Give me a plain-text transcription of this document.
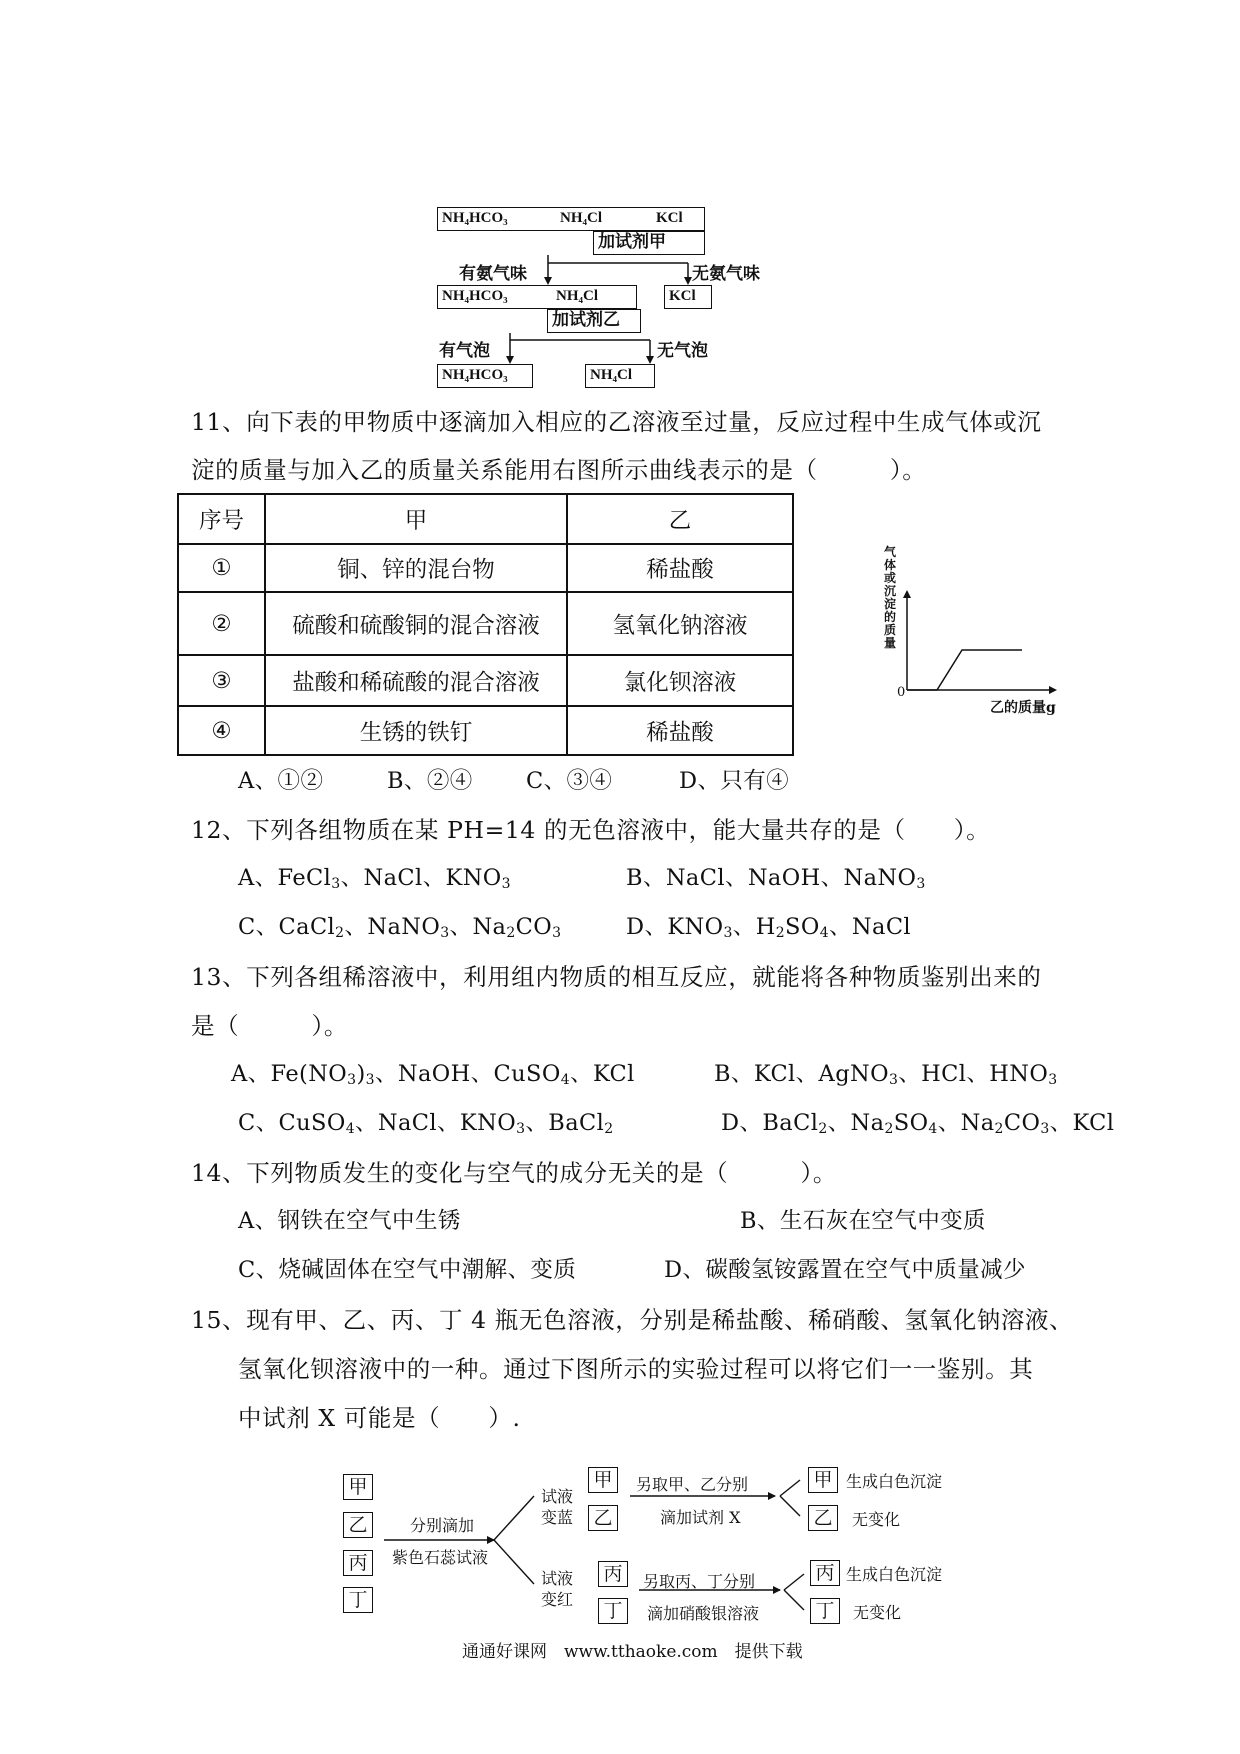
NH₄HCO₃	NH₄Cl	KCl
加试剂甲
有氨气味	无氨气味
NH₄HCO₃	NH₄Cl	KCl
加试剂乙
有气泡	无气泡
NH₄HCO₃	NH₄Cl
11、向下表的甲物质中逐滴加入相应的乙溶液至过量，反应过程中生成气体或沉
淀的质量与加入乙的质量关系能用右图所示曲线表示的是（　　　）。
序号	甲	乙
①	铜、锌的混台物	稀盐酸
②	硫酸和硫酸铜的混合溶液	氢氧化钠溶液
③	盐酸和稀硫酸的混合溶液	氯化钡溶液
④	生锈的铁钉	稀盐酸
气体或沉淀的质量
0
乙的质量g
A、①②	B、②④ C、③④	D、只有④
12、下列各组物质在某 PH=14 的无色溶液中，能大量共存的是（　　）。
A、FeCl$_3$、NaCl、$KNO_3$	B、NaCl、NaOH、NaNO$_3$
C、CaCl$_2$、NaNO$_3$、$Na_2CO_3$	D、$KNO_3$、$H_2SO_4$、NaCl
13、下列各组稀溶液中，利用组内物质的相互反应，就能将各种物质鉴别出来的
是（　　　）。
A、$Fe(NO_3)_3$、NaOH、CuSO$_4$、KCl	B、KCl、AgNO$_3$、HCl、$HNO_3$
C、CuSO$_4$、NaCl、$KNO_3$、BaCl$_2$	D、BaCl$_2$、$Na_2SO_4$、$Na_2CO_3$、KCl
14、下列物质发生的变化与空气的成分无关的是（　　　）。
A、钢铁在空气中生锈	B、生石灰在空气中变质
C、烧碱固体在空气中潮解、变质	D、碳酸氢铵露置在空气中质量减少
15、现有甲、乙、丙、丁 4 瓶无色溶液，分别是稀盐酸、稀硝酸、氢氧化钠溶液、
氢氧化钡溶液中的一种。通过下图所示的实验过程可以将它们一一鉴别。其
中试剂 X 可能是（　　）.
甲
乙
丙
丁
分别滴加
紫色石蕊试液
试液变蓝
试液变红
甲
乙
丙
丁
另取甲、乙分别
滴加试剂 X
另取丙、丁分别
滴加硝酸银溶液
甲
乙
丙
丁
生成白色沉淀
无变化
生成白色沉淀
无变化
通通好课网　www.tthaoke.com　提供下载
